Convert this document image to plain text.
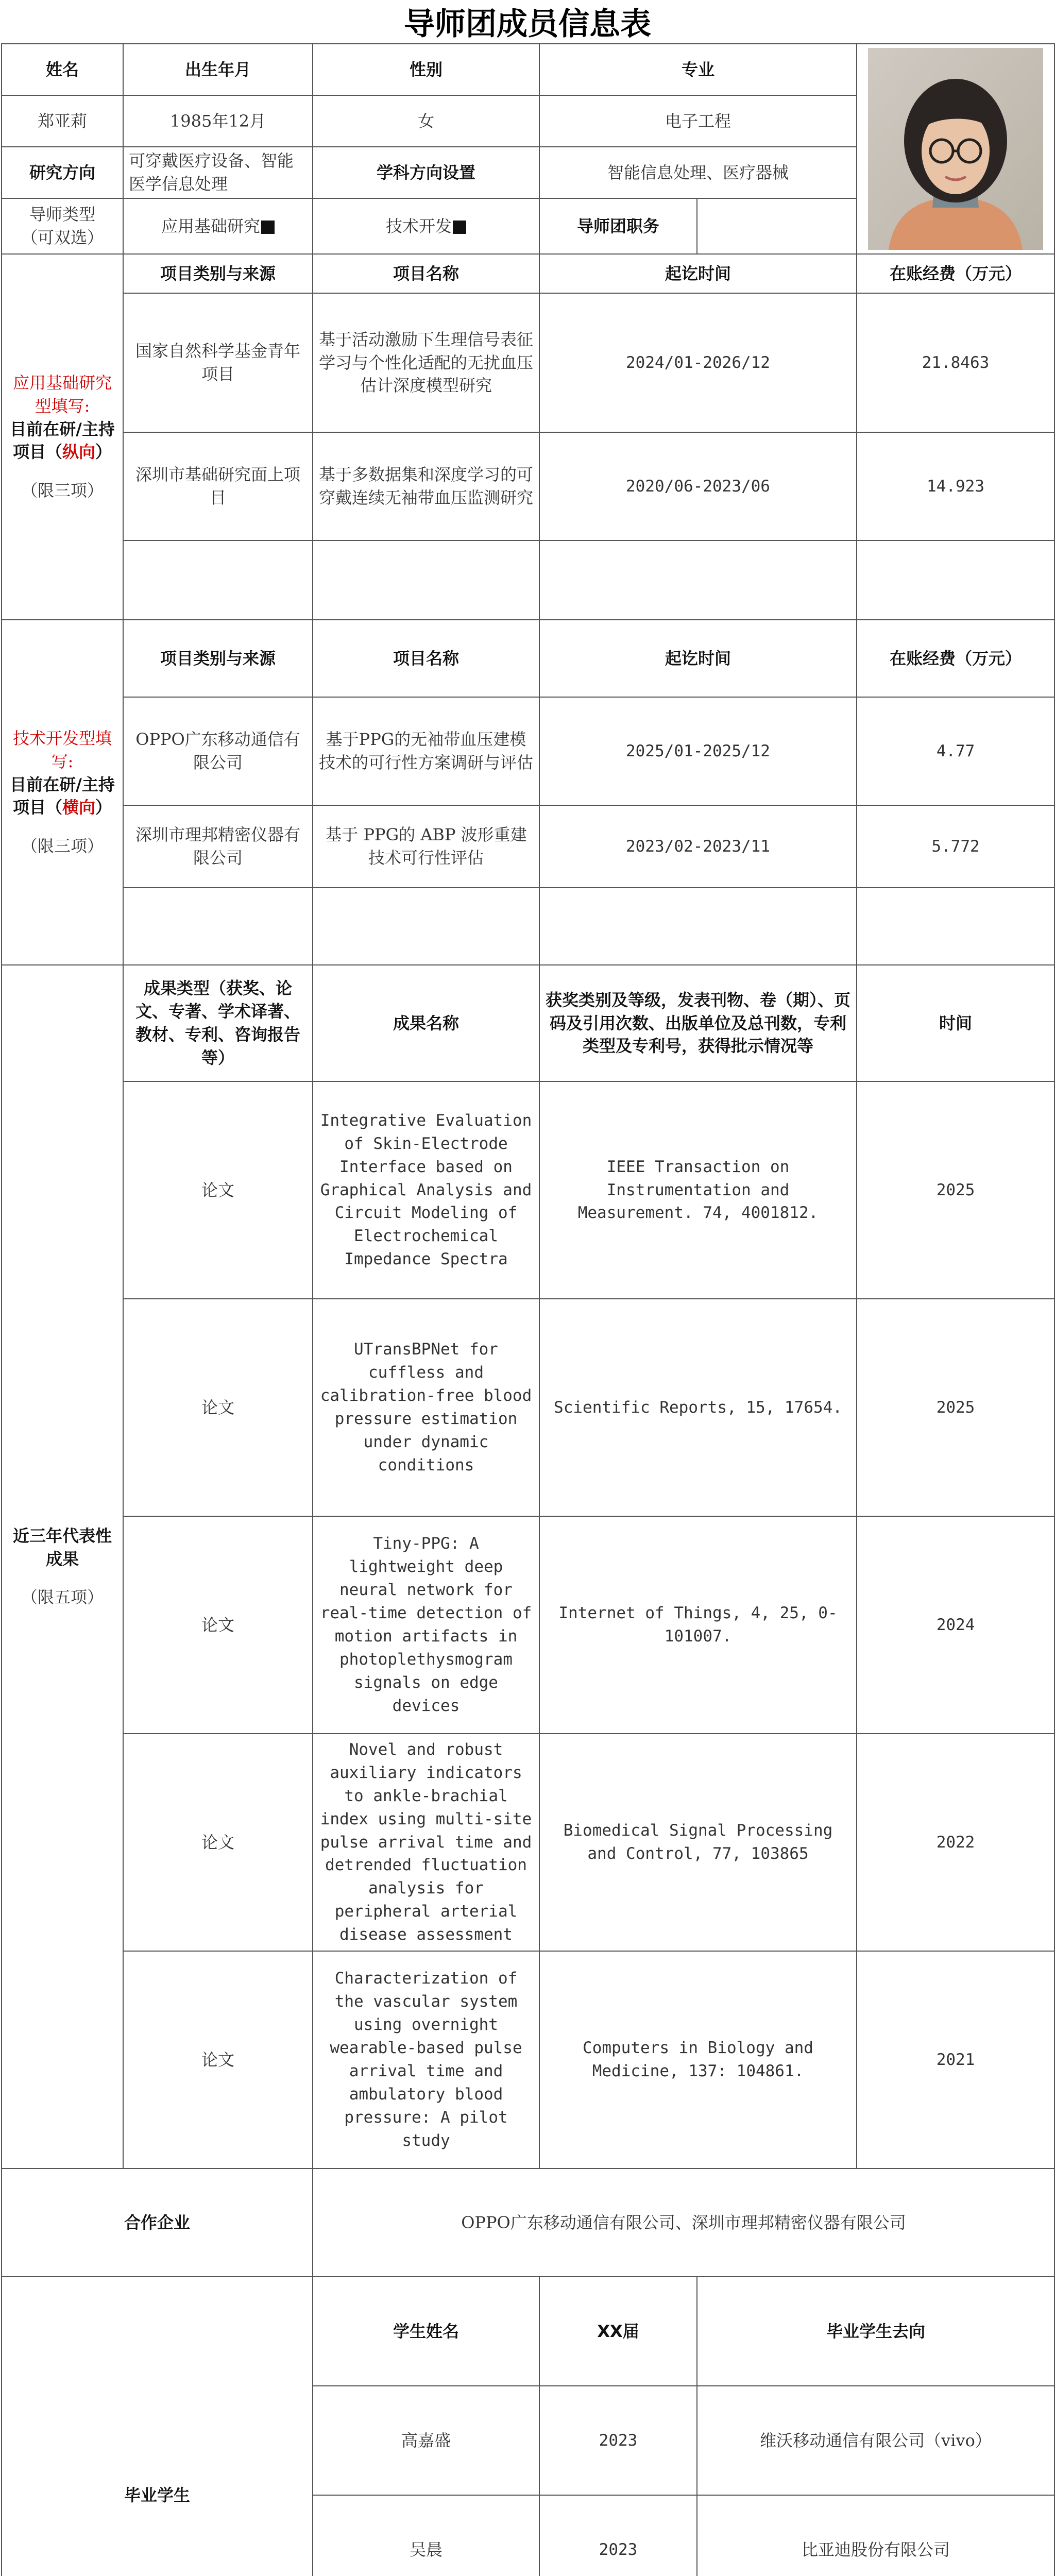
导师团成员信息表
姓名	出生年月	性别	专业	

郑亚莉	1985年12月	女	电子工程		
研究方向	可穿戴医疗设备、智能医学信息处理	学科方向设置	智能信息处理、医疗器械		

导师类型
（可双选）	应用基础研究	技术开发	导师团职务		

应用基础研究型填写:
目前在研/主持项目（纵向）
（限三项）	项目类别与来源	项目名称	起讫时间		在账经费（万元）
	国家自然科学基金青年项目	基于活动激励下生理信号表征学习与个性化适配的无扰血压估计深度模型研究	2024/01-2026/12		21.8463
	深圳市基础研究面上项目	基于多数据集和深度学习的可穿戴连续无袖带血压监测研究	2020/06-2023/06		14.923

技术开发型填写:
目前在研/主持项目（横向）
（限三项）	项目类别与来源	项目名称	起讫时间		在账经费（万元）
	OPPO广东移动通信有限公司	基于PPG的无袖带血压建模技术的可行性方案调研与评估	2025/01-2025/12		4.77
	深圳市理邦精密仪器有限公司	基于 PPG的 ABP 波形重建技术可行性评估	2023/02-2023/11		5.772

近三年代表性成果
（限五项）	成果类型（获奖、论文、专著、学术译著、教材、专利、咨询报告等）	成果名称	获奖类别及等级，发表刊物、卷（期）、页码及引用次数、出版单位及总刊数，专利类型及专利号，获得批示情况等		时间
	论文	Integrative Evaluation of Skin-Electrode Interface based on Graphical Analysis and Circuit Modeling of Electrochemical Impedance Spectra	IEEE Transaction on Instrumentation and Measurement. 74, 4001812.		2025
	论文	UTransBPNet for cuffless and calibration-free blood pressure estimation under dynamic conditions	Scientific Reports, 15, 17654.		2025
	论文	Tiny-PPG: A lightweight deep neural network for real-time detection of motion artifacts in photoplethysmogram signals on edge devices	Internet of Things, 4, 25, 0-101007.		2024
	论文	Novel and robust auxiliary indicators to ankle-brachial index using multi-site pulse arrival time and detrended fluctuation analysis for peripheral arterial disease assessment	Biomedical Signal Processing and Control, 77, 103865		2022
	论文	Characterization of the vascular system using overnight wearable-based pulse arrival time and ambulatory blood pressure: A pilot study	Computers in Biology and Medicine, 137: 104861.		2021
合作企业		OPPO广东移动通信有限公司、深圳市理邦精密仪器有限公司			
毕业学生		学生姓名	XX届	毕业学生去向	
		高嘉盛	2023	维沃移动通信有限公司（vivo）	
		吴晨	2023	比亚迪股份有限公司	
